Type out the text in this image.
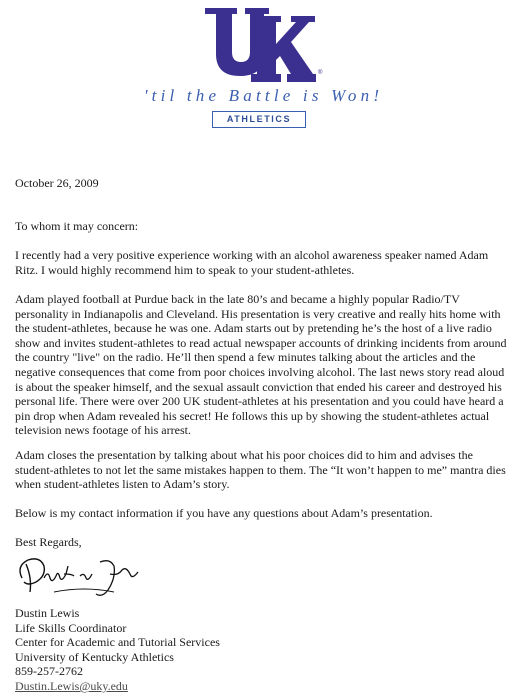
®
'til the Battle is Won!
ATHLETICS

October 26, 2009

To whom it may concern:

I recently had a very positive experience working with an alcohol awareness speaker named Adam Ritz. I would highly recommend him to speak to your student-athletes.

Adam played football at Purdue back in the late 80’s and became a highly popular Radio/TV personality in Indianapolis and Cleveland. His presentation is very creative and really hits home with the student-athletes, because he was one. Adam starts out by pretending he’s the host of a live radio show and invites student-athletes to read actual newspaper accounts of drinking incidents from around the country "live" on the radio. He’ll then spend a few minutes talking about the articles and the negative consequences that come from poor choices involving alcohol. The last news story read aloud is about the speaker himself, and the sexual assault conviction that ended his career and destroyed his personal life. There were over 200 UK student-athletes at his presentation and you could have heard a pin drop when Adam revealed his secret! He follows this up by showing the student-athletes actual television news footage of his arrest.

Adam closes the presentation by talking about what his poor choices did to him and advises the student-athletes to not let the same mistakes happen to them. The “It won’t happen to me” mantra dies when student-athletes listen to Adam’s story.

Below is my contact information if you have any questions about Adam’s presentation.

Best Regards,

Dustin Lewis
Life Skills Coordinator
Center for Academic and Tutorial Services
University of Kentucky Athletics
859-257-2762
Dustin.Lewis@uky.edu
